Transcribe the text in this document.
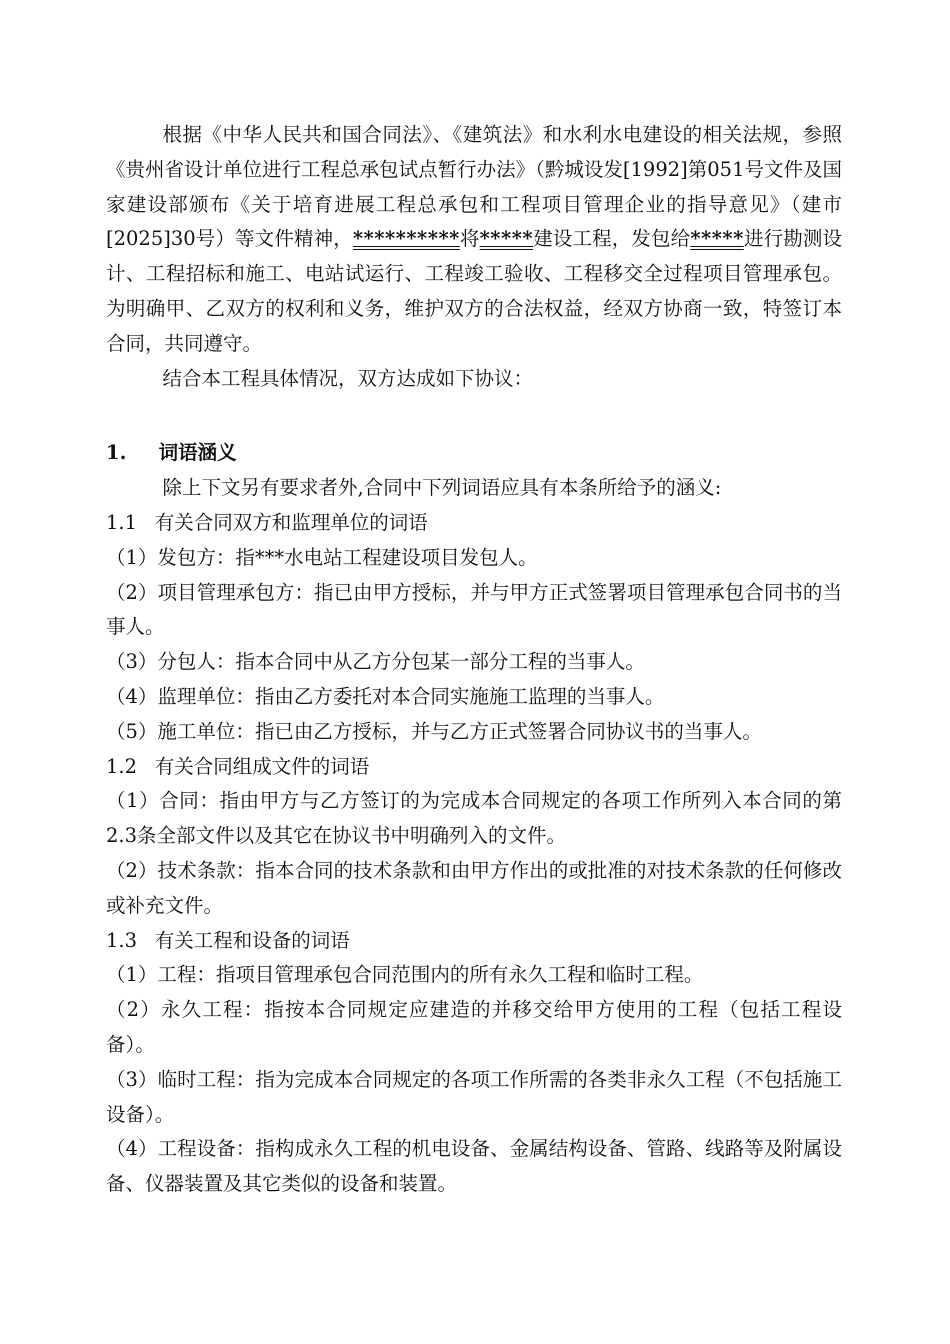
根据《中华人民共和国合同法》、《建筑法》和水利水电建设的相关法规，参照《贵州省设计单位进行工程总承包试点暂行办法》（黔城设发[1992]第051号文件及国家建设部颁布《关于培育进展工程总承包和工程项目管理企业的指导意见》（建市[2025]30号）等文件精神，**********将*****建设工程，发包给*****进行勘测设计、工程招标和施工、电站试运行、工程竣工验收、工程移交全过程项目管理承包。为明确甲、乙双方的权利和义务，维护双方的合法权益，经双方协商一致，特签订本合同，共同遵守。

结合本工程具体情况，双方达成如下协议：

1. 词语涵义

除上下文另有要求者外,合同中下列词语应具有本条所给予的涵义:

1.1 有关合同双方和监理单位的词语

（1）发包方：指***水电站工程建设项目发包人。

（2）项目管理承包方：指已由甲方授标，并与甲方正式签署项目管理承包合同书的当事人。

（3）分包人：指本合同中从乙方分包某一部分工程的当事人。

（4）监理单位：指由乙方委托对本合同实施施工监理的当事人。

（5）施工单位：指已由乙方授标，并与乙方正式签署合同协议书的当事人。

1.2 有关合同组成文件的词语

（1）合同：指由甲方与乙方签订的为完成本合同规定的各项工作所列入本合同的第2.3条全部文件以及其它在协议书中明确列入的文件。

（2）技术条款：指本合同的技术条款和由甲方作出的或批准的对技术条款的任何修改或补充文件。

1.3 有关工程和设备的词语

（1）工程：指项目管理承包合同范围内的所有永久工程和临时工程。

（2）永久工程：指按本合同规定应建造的并移交给甲方使用的工程（包括工程设备）。

（3）临时工程：指为完成本合同规定的各项工作所需的各类非永久工程（不包括施工设备）。

（4）工程设备：指构成永久工程的机电设备、金属结构设备、管路、线路等及附属设备、仪器装置及其它类似的设备和装置。
